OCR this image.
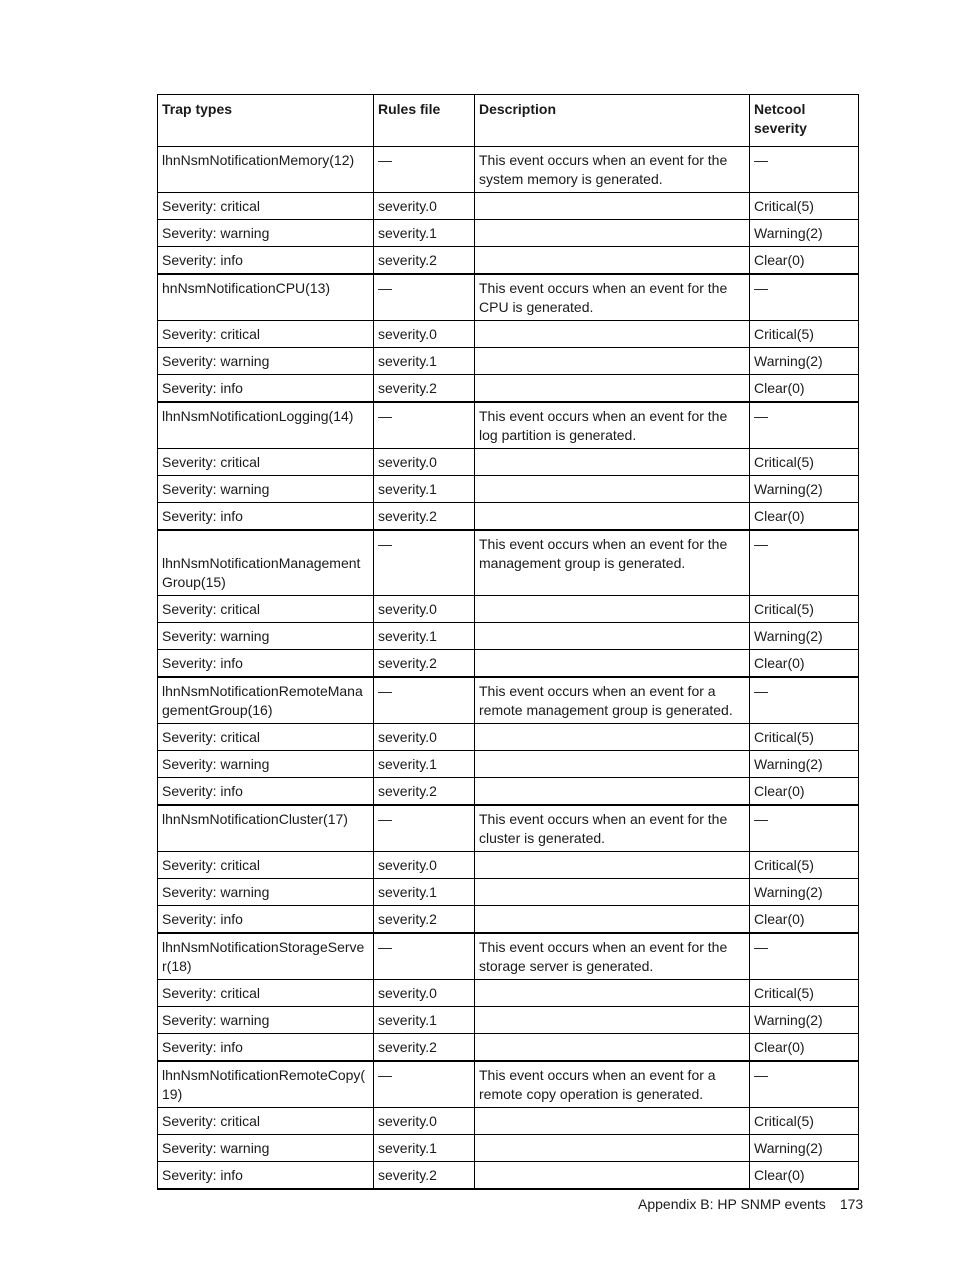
Trap types	Rules file	Description	Netcool severity
lhnNsmNotificationMemory(12)	—	This event occurs when an event for the system memory is generated.	—
Severity: critical	severity.0		Critical(5)
Severity: warning	severity.1		Warning(2)
Severity: info	severity.2		Clear(0)
hnNsmNotificationCPU(13)	—	This event occurs when an event for the CPU is generated.	—
Severity: critical	severity.0		Critical(5)
Severity: warning	severity.1		Warning(2)
Severity: info	severity.2		Clear(0)
lhnNsmNotificationLogging(14)	—	This event occurs when an event for the log partition is generated.	—
Severity: critical	severity.0		Critical(5)
Severity: warning	severity.1		Warning(2)
Severity: info	severity.2		Clear(0)
lhnNsmNotificationManagement Group(15)	—	This event occurs when an event for the management group is generated.	—
Severity: critical	severity.0		Critical(5)
Severity: warning	severity.1		Warning(2)
Severity: info	severity.2		Clear(0)
lhnNsmNotificationRemoteMana gementGroup(16)	—	This event occurs when an event for a remote management group is generated.	—
Severity: critical	severity.0		Critical(5)
Severity: warning	severity.1		Warning(2)
Severity: info	severity.2		Clear(0)
lhnNsmNotificationCluster(17)	—	This event occurs when an event for the cluster is generated.	—
Severity: critical	severity.0		Critical(5)
Severity: warning	severity.1		Warning(2)
Severity: info	severity.2		Clear(0)
lhnNsmNotificationStorageServe r(18)	—	This event occurs when an event for the storage server is generated.	—
Severity: critical	severity.0		Critical(5)
Severity: warning	severity.1		Warning(2)
Severity: info	severity.2		Clear(0)
lhnNsmNotificationRemoteCopy( 19)	—	This event occurs when an event for a remote copy operation is generated.	—
Severity: critical	severity.0		Critical(5)
Severity: warning	severity.1		Warning(2)
Severity: info	severity.2		Clear(0)
Appendix B: HP SNMP events 173
